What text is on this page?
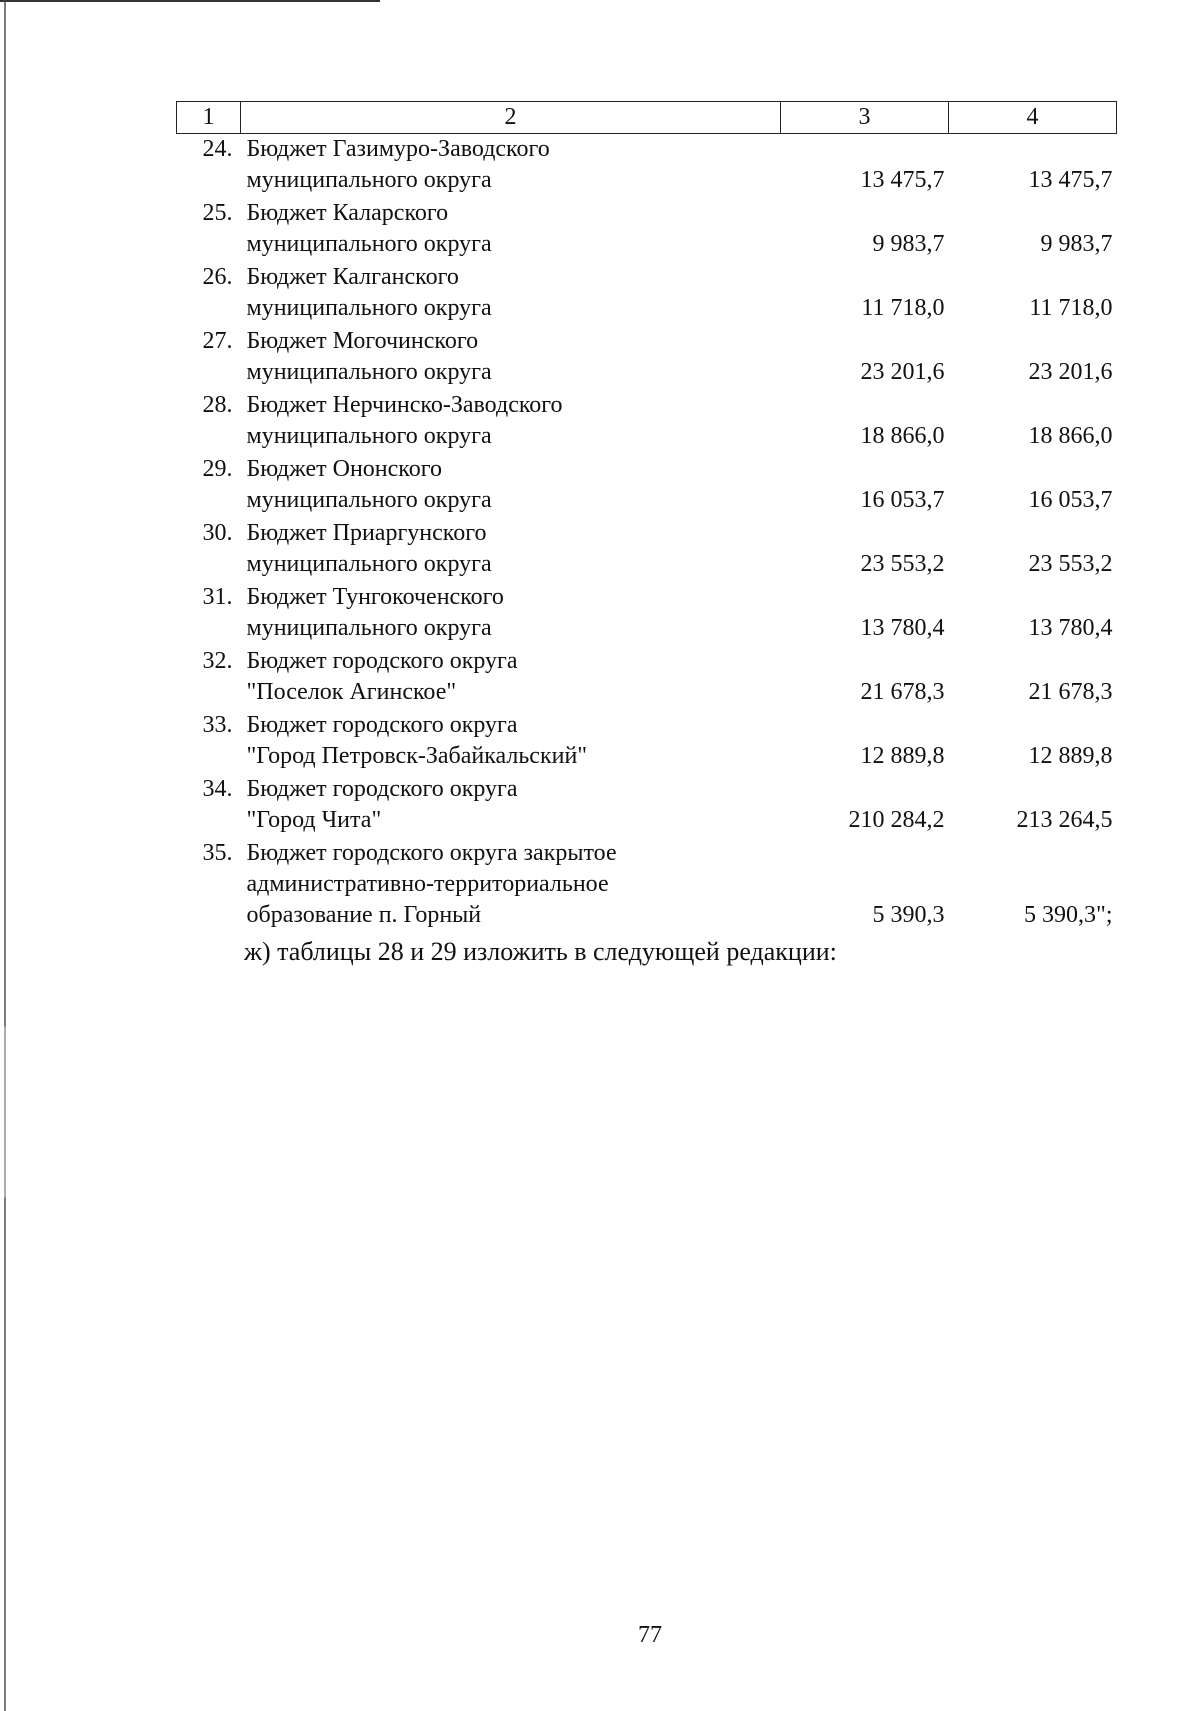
1	2	3	4
24.	Бюджет Газимуро-Заводского
муниципального округа	13 475,7	13 475,7
25.	Бюджет Каларского
муниципального округа	9 983,7	9 983,7
26.	Бюджет Калганского
муниципального округа	11 718,0	11 718,0
27.	Бюджет Могочинского
муниципального округа	23 201,6	23 201,6
28.	Бюджет Нерчинско-Заводского
муниципального округа	18 866,0	18 866,0
29.	Бюджет Ононского
муниципального округа	16 053,7	16 053,7
30.	Бюджет Приаргунского
муниципального округа	23 553,2	23 553,2
31.	Бюджет Тунгокоченского
муниципального округа	13 780,4	13 780,4
32.	Бюджет городского округа
"Поселок Агинское"	21 678,3	21 678,3
33.	Бюджет городского округа
"Город Петровск-Забайкальский"	12 889,8	12 889,8
34.	Бюджет городского округа
"Город Чита"	210 284,2	213 264,5
35.	Бюджет городского округа закрытое
административно-территориальное
образование п. Горный	5 390,3	5 390,3";

ж) таблицы 28 и 29 изложить в следующей редакции:

77
